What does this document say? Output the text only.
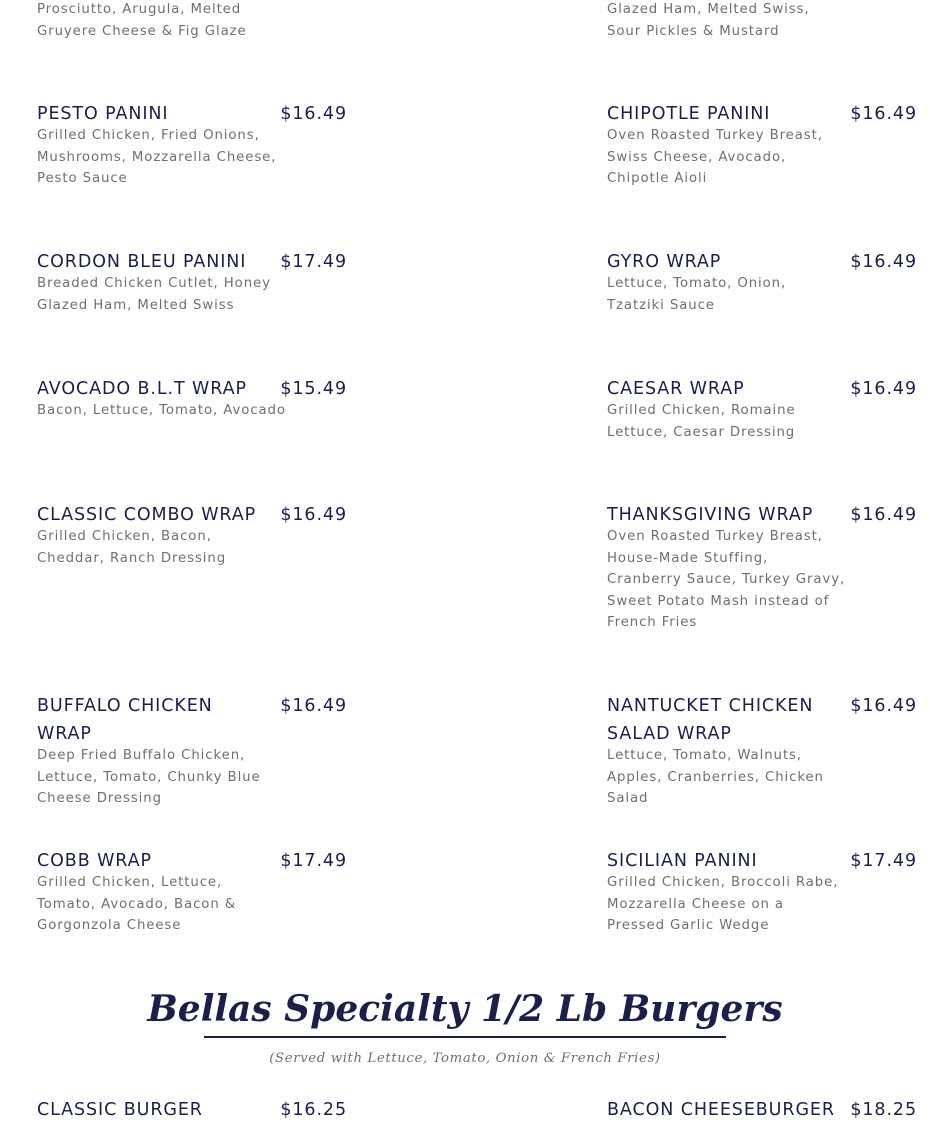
Prosciutto, Arugula, Melted Gruyere Cheese & Fig Glaze
Glazed Ham, Melted Swiss, Sour Pickles & Mustard
PESTO PANINI	$16.49
Grilled Chicken, Fried Onions, Mushrooms, Mozzarella Cheese, Pesto Sauce
CHIPOTLE PANINI	$16.49
Oven Roasted Turkey Breast, Swiss Cheese, Avocado, Chipotle Aioli
CORDON BLEU PANINI	$17.49
Breaded Chicken Cutlet, Honey Glazed Ham, Melted Swiss
GYRO WRAP	$16.49
Lettuce, Tomato, Onion, Tzatziki Sauce
AVOCADO B.L.T WRAP	$15.49
Bacon, Lettuce, Tomato, Avocado
CAESAR WRAP	$16.49
Grilled Chicken, Romaine Lettuce, Caesar Dressing
CLASSIC COMBO WRAP	$16.49
Grilled Chicken, Bacon, Cheddar, Ranch Dressing
THANKSGIVING WRAP	$16.49
Oven Roasted Turkey Breast, House-Made Stuffing, Cranberry Sauce, Turkey Gravy, Sweet Potato Mash instead of French Fries
BUFFALO CHICKEN WRAP
$16.49
Deep Fried Buffalo Chicken, Lettuce, Tomato, Chunky Blue Cheese Dressing
NANTUCKET CHICKEN SALAD WRAP
$16.49
Lettuce, Tomato, Walnuts, Apples, Cranberries, Chicken Salad
COBB WRAP	$17.49
Grilled Chicken, Lettuce, Tomato, Avocado, Bacon & Gorgonzola Cheese
SICILIAN PANINI	$17.49
Grilled Chicken, Broccoli Rabe, Mozzarella Cheese on a Pressed Garlic Wedge
Bellas Specialty 1/2 Lb Burgers
(Served with Lettuce, Tomato, Onion & French Fries)
CLASSIC BURGER	$16.25	BACON CHEESEBURGER $18.25
